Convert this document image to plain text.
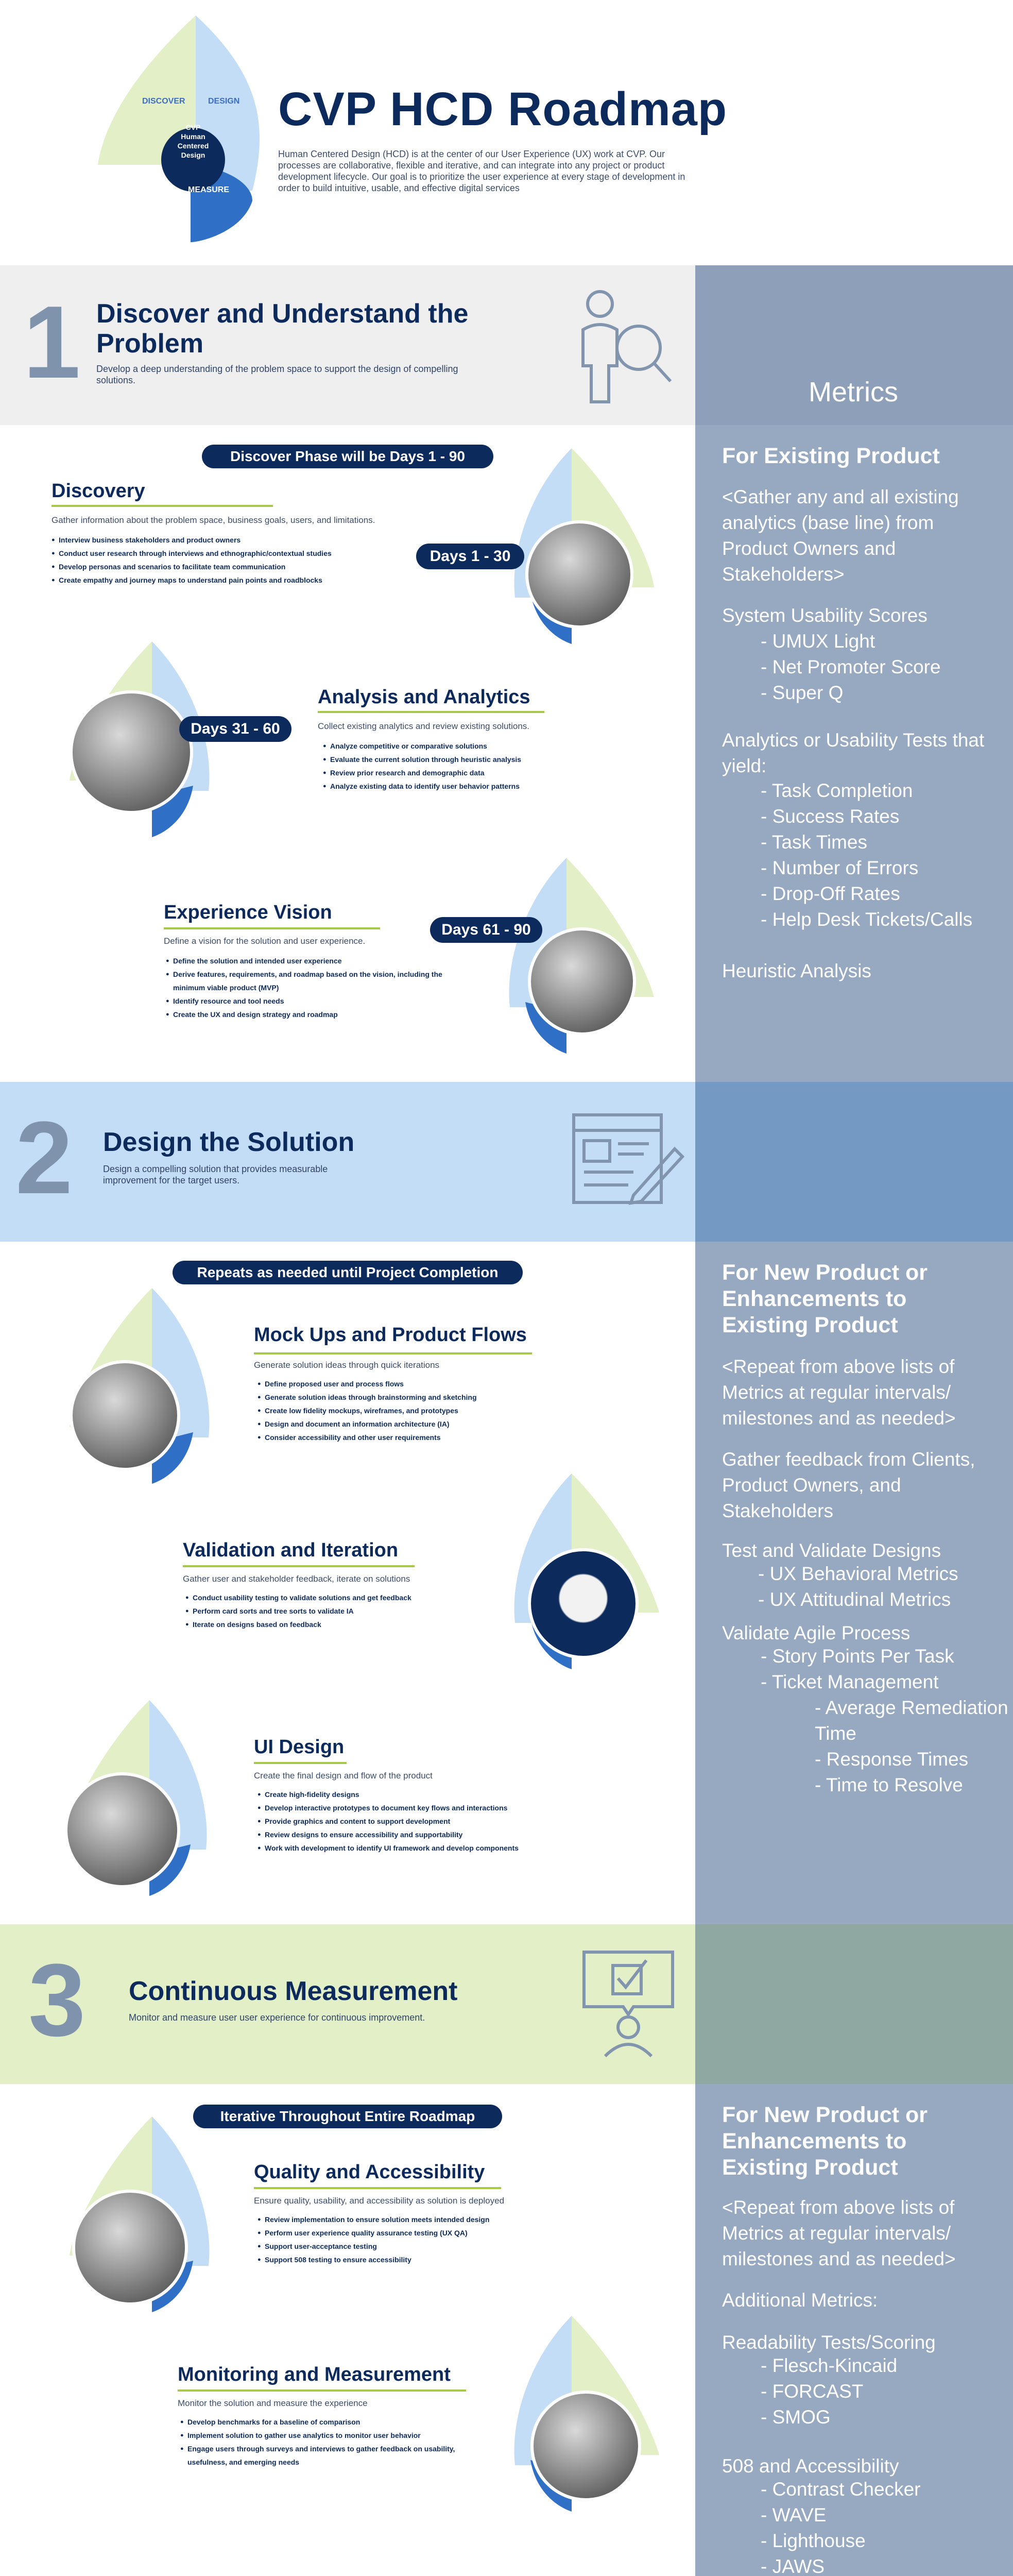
DISCOVER	DESIGN
CVP Human Centered Design
MEASURE
CVP HCD Roadmap
Human Centered Design (HCD) is at the center of our User Experience (UX) work at CVP. Our processes are collaborative, flexible and iterative, and can integrate into any project or product development lifecycle. Our goal is to prioritize the user experience at every stage of development in order to build intuitive, usable, and effective digital services
1 Discover and Understand the Problem
Develop a deep understanding of the problem space to support the design of compelling solutions.	Metrics
Discover Phase will be Days 1 - 90
Discovery
Gather information about the problem space, business goals, users, and limitations.
● Interview business stakeholders and product owners
● Conduct user research through interviews and ethnographic/contextual studies
● Develop personas and scenarios to facilitate team communication
● Create empathy and journey maps to understand pain points and roadblocks
Days 1 - 30
Days 31 - 60
Analysis and Analytics
Collect existing analytics and review existing solutions.
● Analyze competitive or comparative solutions
● Evaluate the current solution through heuristic analysis
● Review prior research and demographic data
● Analyze existing data to identify user behavior patterns
Experience Vision
Define a vision for the solution and user experience.
● Define the solution and intended user experience
● Derive features, requirements, and roadmap based on the vision, including the minimum viable product (MVP)
● Identify resource and tool needs
● Create the UX and design strategy and roadmap
Days 61 - 90
For Existing Product
<Gather any and all existing analytics (base line) from Product Owners and Stakeholders>
System Usability Scores
- UMUX Light
- Net Promoter Score
- Super Q
Analytics or Usability Tests that yield:
- Task Completion
- Success Rates
- Task Times
- Number of Errors
- Drop-Off Rates
- Help Desk Tickets/Calls
Heuristic Analysis
2 Design the Solution
Design a compelling solution that provides measurable improvement for the target users.
Repeats as needed until Project Completion
Mock Ups and Product Flows
Generate solution ideas through quick iterations
● Define proposed user and process flows
● Generate solution ideas through brainstorming and sketching
● Create low fidelity mockups, wireframes, and prototypes
● Design and document an information architecture (IA)
● Consider accessibility and other user requirements
Validation and Iteration
Gather user and stakeholder feedback, iterate on solutions
● Conduct usability testing to validate solutions and get feedback
● Perform card sorts and tree sorts to validate IA
● Iterate on designs based on feedback
UI Design
Create the final design and flow of the product
● Create high-fidelity designs
● Develop interactive prototypes to document key flows and interactions
● Provide graphics and content to support development
● Review designs to ensure accessibility and supportability
● Work with development to identify UI framework and develop components
For New Product or Enhancements to Existing Product
<Repeat from above lists of Metrics at regular intervals/ milestones and as needed>
Gather feedback from Clients, Product Owners, and Stakeholders
Test and Validate Designs
- UX Behavioral Metrics
- UX Attitudinal Metrics
Validate Agile Process
- Story Points Per Task
- Ticket Management
- Average Remediation Time
- Response Times
- Time to Resolve
3 Continuous Measurement
Monitor and measure user user experience for continuous improvement.
Iterative Throughout Entire Roadmap
Quality and Accessibility
Ensure quality, usability, and accessibility as solution is deployed
● Review implementation to ensure solution meets intended design
● Perform user experience quality assurance testing (UX QA)
● Support user-acceptance testing
● Support 508 testing to ensure accessibility
Monitoring and Measurement
Monitor the solution and measure the experience
● Develop benchmarks for a baseline of comparison
● Implement solution to gather use analytics to monitor user behavior
● Engage users through surveys and interviews to gather feedback on usability, usefulness, and emerging needs
For New Product or Enhancements to Existing Product
<Repeat from above lists of Metrics at regular intervals/ milestones and as needed>
Additional Metrics:
Readability Tests/Scoring
- Flesch-Kincaid
- FORCAST
- SMOG
508 and Accessibility
- Contrast Checker
- WAVE
- Lighthouse
- JAWS
